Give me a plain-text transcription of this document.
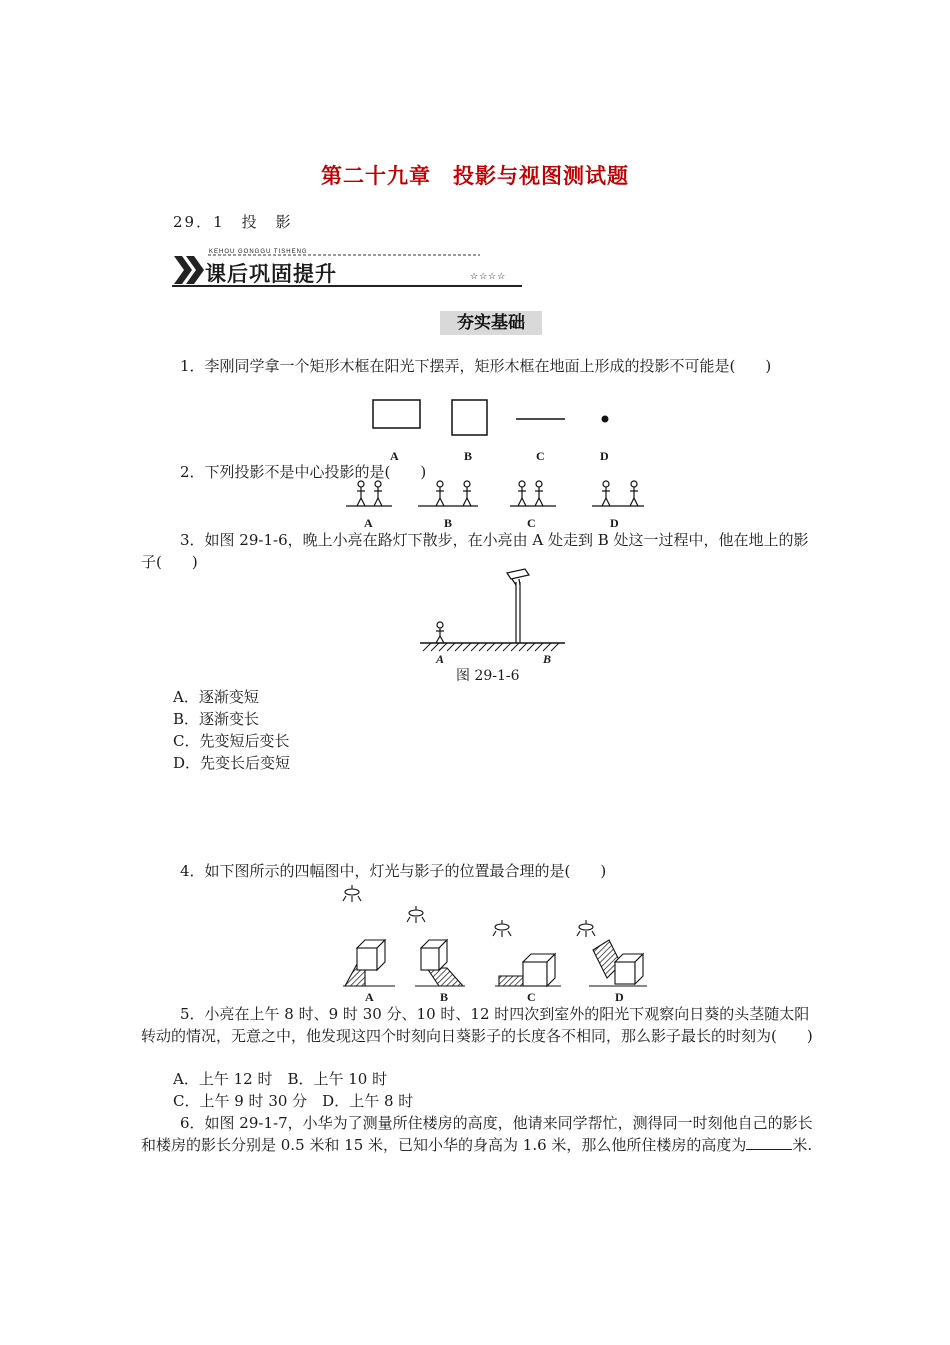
第二十九章　投影与视图测试题
29．1　投　影
KEHOU GONGGU TISHENG
课后巩固提升	☆☆☆☆
夯实基础
1．李刚同学拿一个矩形木框在阳光下摆弄，矩形木框在地面上形成的投影不可能是(　　)
A	B	C	D
2．下列投影不是中心投影的是(　　)
A	B	C	D
3．如图 29-1-6，晚上小亮在路灯下散步，在小亮由 A 处走到 B 处这一过程中，他在地上的影子(　　)
A	B
图 29-1-6
A．逐渐变短
B．逐渐变长
C．先变短后变长
D．先变长后变短
4．如下图所示的四幅图中，灯光与影子的位置最合理的是(　　)
A	B	C	D
5．小亮在上午 8 时、9 时 30 分、10 时、12 时四次到室外的阳光下观察向日葵的头茎随太阳转动的情况，无意之中，他发现这四个时刻向日葵影子的长度各不相同，那么影子最长的时刻为(　　)
A．上午 12 时　B．上午 10 时
C．上午 9 时 30 分　D．上午 8 时
6．如图 29-1-7，小华为了测量所住楼房的高度，他请来同学帮忙，测得同一时刻他自己的影长和楼房的影长分别是 0.5 米和 15 米，已知小华的身高为 1.6 米，那么他所住楼房的高度为	米.
